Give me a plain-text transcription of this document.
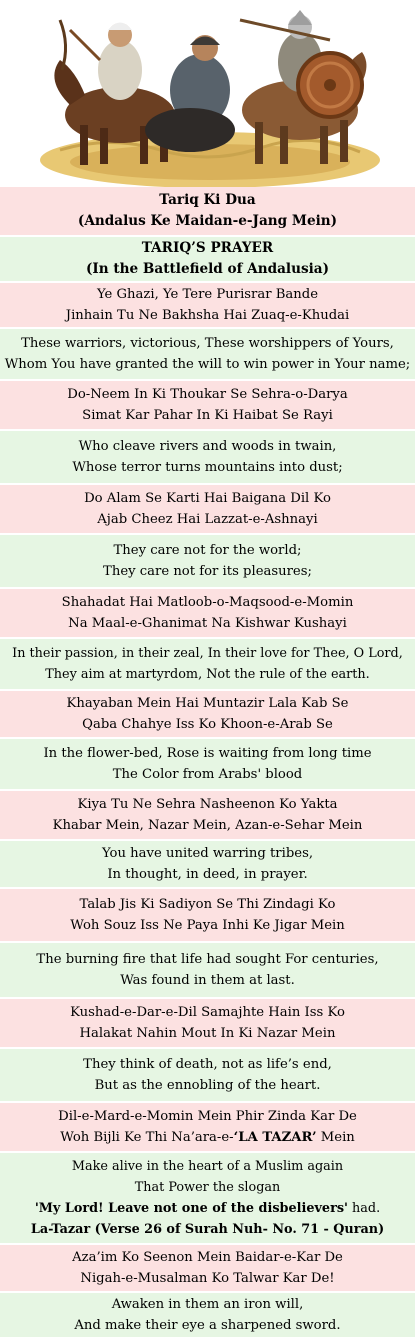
Tariq Ki Dua
(Andalus Ke Maidan-e-Jang Mein)
TARIQ’S PRAYER
(In the Battlefield of Andalusia)
Ye Ghazi, Ye Tere Purisrar Bande
Jinhain Tu Ne Bakhsha Hai Zuaq-e-Khudai
These warriors, victorious, These worshippers of Yours,
Whom You have granted the will to win power in Your name;
Do-Neem In Ki Thoukar Se Sehra-o-Darya
Simat Kar Pahar In Ki Haibat Se Rayi
Who cleave rivers and woods in twain,
Whose terror turns mountains into dust;
Do Alam Se Karti Hai Baigana Dil Ko
Ajab Cheez Hai Lazzat-e-Ashnayi
They care not for the world;
They care not for its pleasures;
Shahadat Hai Matloob-o-Maqsood-e-Momin
Na Maal-e-Ghanimat Na Kishwar Kushayi
In their passion, in their zeal, In their love for Thee, O Lord,
They aim at martyrdom, Not the rule of the earth.
Khayaban Mein Hai Muntazir Lala Kab Se
Qaba Chahye Iss Ko Khoon-e-Arab Se
In the flower-bed, Rose is waiting from long time
The Color from Arabs' blood
Kiya Tu Ne Sehra Nasheenon Ko Yakta
Khabar Mein, Nazar Mein, Azan-e-Sehar Mein
You have united warring tribes,
In thought, in deed, in prayer.
Talab Jis Ki Sadiyon Se Thi Zindagi Ko
Woh Souz Iss Ne Paya Inhi Ke Jigar Mein
The burning fire that life had sought For centuries,
Was found in them at last.
Kushad-e-Dar-e-Dil Samajhte Hain Iss Ko
Halakat Nahin Mout In Ki Nazar Mein
They think of death, not as life’s end,
But as the ennobling of the heart.
Dil-e-Mard-e-Momin Mein Phir Zinda Kar De
Woh Bijli Ke Thi Na’ara-e-‘LA TAZAR’ Mein
Make alive in the heart of a Muslim again
That Power the slogan
'My Lord! Leave not one of the disbelievers' had.
La-Tazar (Verse 26 of Surah Nuh- No. 71 - Quran)
Aza’im Ko Seenon Mein Baidar-e-Kar De
Nigah-e-Musalman Ko Talwar Kar De!
Awaken in them an iron will,
And make their eye a sharpened sword.
